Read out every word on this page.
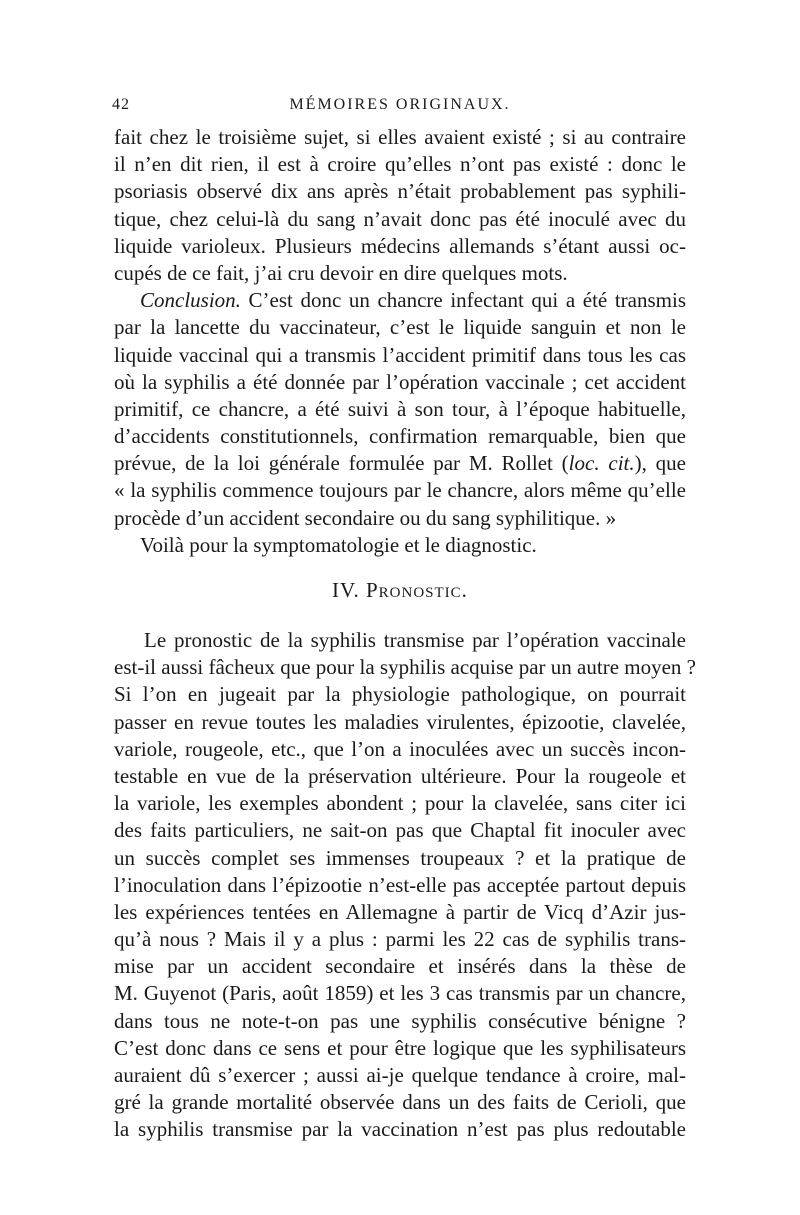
42	MÉMOIRES ORIGINAUX.
fait chez le troisième sujet, si elles avaient existé ; si au contraire
il n’en dit rien, il est à croire qu’elles n’ont pas existé : donc le
psoriasis observé dix ans après n’était probablement pas syphili-
tique, chez celui-là du sang n’avait donc pas été inoculé avec du
liquide varioleux. Plusieurs médecins allemands s’étant aussi oc-
cupés de ce fait, j’ai cru devoir en dire quelques mots.
Conclusion. C’est donc un chancre infectant qui a été transmis
par la lancette du vaccinateur, c’est le liquide sanguin et non le
liquide vaccinal qui a transmis l’accident primitif dans tous les cas
où la syphilis a été donnée par l’opération vaccinale ; cet accident
primitif, ce chancre, a été suivi à son tour, à l’époque habituelle,
d’accidents constitutionnels, confirmation remarquable, bien que
prévue, de la loi générale formulée par M. Rollet (loc. cit.), que
« la syphilis commence toujours par le chancre, alors même qu’elle
procède d’un accident secondaire ou du sang syphilitique. »
Voilà pour la symptomatologie et le diagnostic.
IV. Pronostic.
Le pronostic de la syphilis transmise par l’opération vaccinale
est-il aussi fâcheux que pour la syphilis acquise par un autre moyen ?
Si l’on en jugeait par la physiologie pathologique, on pourrait
passer en revue toutes les maladies virulentes, épizootie, clavelée,
variole, rougeole, etc., que l’on a inoculées avec un succès incon-
testable en vue de la préservation ultérieure. Pour la rougeole et
la variole, les exemples abondent ; pour la clavelée, sans citer ici
des faits particuliers, ne sait-on pas que Chaptal fit inoculer avec
un succès complet ses immenses troupeaux ? et la pratique de
l’inoculation dans l’épizootie n’est-elle pas acceptée partout depuis
les expériences tentées en Allemagne à partir de Vicq d’Azir jus-
qu’à nous ? Mais il y a plus : parmi les 22 cas de syphilis trans-
mise par un accident secondaire et insérés dans la thèse de
M. Guyenot (Paris, août 1859) et les 3 cas transmis par un chancre,
dans tous ne note-t-on pas une syphilis consécutive bénigne ?
C’est donc dans ce sens et pour être logique que les syphilisateurs
auraient dû s’exercer ; aussi ai-je quelque tendance à croire, mal-
gré la grande mortalité observée dans un des faits de Cerioli, que
la syphilis transmise par la vaccination n’est pas plus redoutable
